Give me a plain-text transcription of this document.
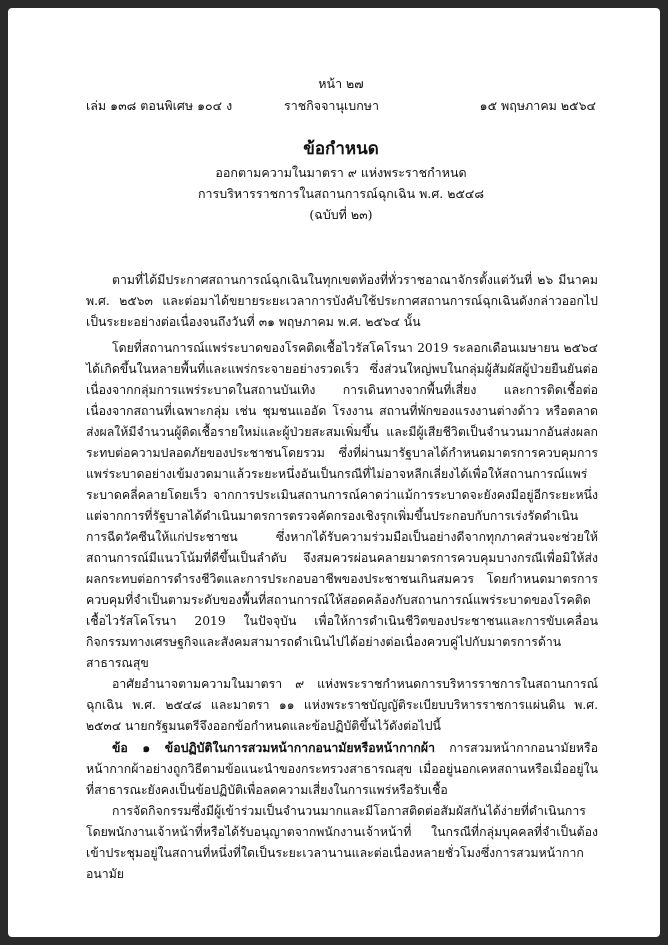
หน้า ๒๗
เล่ม ๑๓๘ ตอนพิเศษ ๑๐๔ ง	ราชกิจจานุเบกษา	๑๕ พฤษภาคม ๒๕๖๔
ข้อกำหนด
ออกตามความในมาตรา ๙ แห่งพระราชกำหนด
การบริหารราชการในสถานการณ์ฉุกเฉิน พ.ศ. ๒๕๔๘
(ฉบับที่ ๒๓)

ตามที่ได้มีประกาศสถานการณ์ฉุกเฉินในทุกเขตท้องที่ทั่วราชอาณาจักรตั้งแต่วันที่ ๒๖ มีนาคม พ.ศ. ๒๕๖๓ และต่อมาได้ขยายระยะเวลาการบังคับใช้ประกาศสถานการณ์ฉุกเฉินดังกล่าวออกไปเป็นระยะอย่างต่อเนื่องจนถึงวันที่ ๓๑ พฤษภาคม พ.ศ. ๒๕๖๔ นั้น

โดยที่สถานการณ์แพร่ระบาดของโรคติดเชื้อไวรัสโคโรนา 2019 ระลอกเดือนเมษายน ๒๕๖๔ ได้เกิดขึ้นในหลายพื้นที่และแพร่กระจายอย่างรวดเร็ว ซึ่งส่วนใหญ่พบในกลุ่มผู้สัมผัสผู้ป่วยยืนยันต่อเนื่องจากกลุ่มการแพร่ระบาดในสถานบันเทิง การเดินทางจากพื้นที่เสี่ยง และการติดเชื้อต่อเนื่องจากสถานที่เฉพาะกลุ่ม เช่น ชุมชนแออัด โรงงาน สถานที่พักของแรงงานต่างด้าว หรือตลาด ส่งผลให้มีจำนวนผู้ติดเชื้อรายใหม่และผู้ป่วยสะสมเพิ่มขึ้น และมีผู้เสียชีวิตเป็นจำนวนมากอันส่งผลกระทบต่อความปลอดภัยของประชาชนโดยรวม ซึ่งที่ผ่านมารัฐบาลได้กำหนดมาตรการควบคุมการแพร่ระบาดอย่างเข้มงวดมาแล้วระยะหนึ่งอันเป็นกรณีที่ไม่อาจหลีกเลี่ยงได้เพื่อให้สถานการณ์แพร่ระบาดคลี่คลายโดยเร็ว จากการประเมินสถานการณ์คาดว่าแม้การระบาดจะยังคงมีอยู่อีกระยะหนึ่ง แต่จากการที่รัฐบาลได้ดำเนินมาตรการตรวจคัดกรองเชิงรุกเพิ่มขึ้นประกอบกับการเร่งรัดดำเนินการฉีดวัคซีนให้แก่ประชาชน ซึ่งหากได้รับความร่วมมือเป็นอย่างดีจากทุกภาคส่วนจะช่วยให้สถานการณ์มีแนวโน้มที่ดีขึ้นเป็นลำดับ จึงสมควรผ่อนคลายมาตรการควบคุมบางกรณีเพื่อมิให้ส่งผลกระทบต่อการดำรงชีวิตและการประกอบอาชีพของประชาชนเกินสมควร โดยกำหนดมาตรการควบคุมที่จำเป็นตามระดับของพื้นที่สถานการณ์ให้สอดคล้องกับสถานการณ์แพร่ระบาดของโรคติดเชื้อไวรัสโคโรนา 2019 ในปัจจุบัน เพื่อให้การดำเนินชีวิตของประชาชนและการขับเคลื่อนกิจกรรมทางเศรษฐกิจและสังคมสามารถดำเนินไปได้อย่างต่อเนื่องควบคู่ไปกับมาตรการด้านสาธารณสุข

อาศัยอำนาจตามความในมาตรา ๙ แห่งพระราชกำหนดการบริหารราชการในสถานการณ์ฉุกเฉิน พ.ศ. ๒๕๔๘ และมาตรา ๑๑ แห่งพระราชบัญญัติระเบียบบริหารราชการแผ่นดิน พ.ศ. ๒๕๓๔ นายกรัฐมนตรีจึงออกข้อกำหนดและข้อปฏิบัติขึ้นไว้ดังต่อไปนี้

ข้อ ๑ ข้อปฏิบัติในการสวมหน้ากากอนามัยหรือหน้ากากผ้า การสวมหน้ากากอนามัยหรือหน้ากากผ้าอย่างถูกวิธีตามข้อแนะนำของกระทรวงสาธารณสุข เมื่ออยู่นอกเคหสถานหรือเมื่ออยู่ในที่สาธารณะยังคงเป็นข้อปฏิบัติเพื่อลดความเสี่ยงในการแพร่หรือรับเชื้อ

การจัดกิจกรรมซึ่งมีผู้เข้าร่วมเป็นจำนวนมากและมีโอกาสติดต่อสัมผัสกันได้ง่ายที่ดำเนินการโดยพนักงานเจ้าหน้าที่หรือได้รับอนุญาตจากพนักงานเจ้าหน้าที่ ในกรณีที่กลุ่มบุคคลที่จำเป็นต้องเข้าประชุมอยู่ในสถานที่หนึ่งที่ใดเป็นระยะเวลานานและต่อเนื่องหลายชั่วโมงซึ่งการสวมหน้ากากอนามัย
